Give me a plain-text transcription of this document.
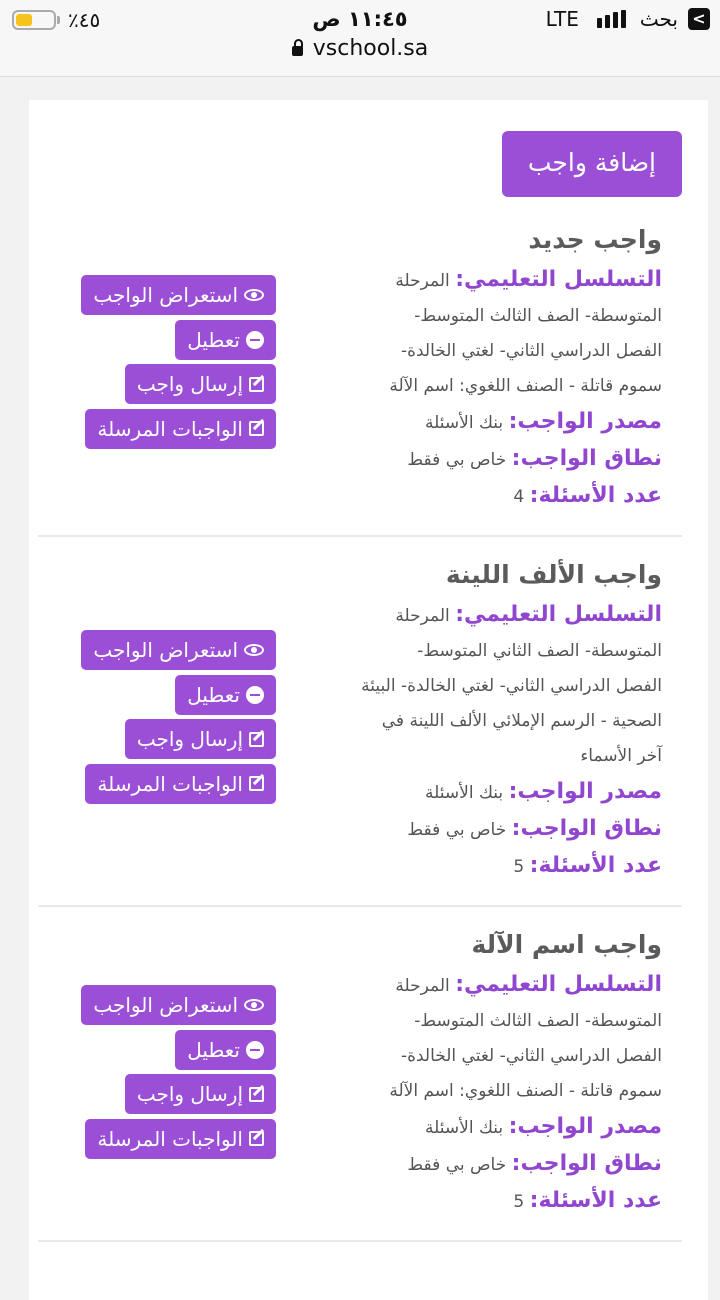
٪٤٥	١١:٤٥ ص	LTE	بحث <
vschool.sa
إضافة واجب
واجب جديد
التسلسل التعليمي: المرحلة
المتوسطة- الصف الثالث المتوسط-
الفصل الدراسي الثاني- لغتي الخالدة-
سموم قاتلة - الصنف اللغوي: اسم الآلة
مصدر الواجب: بنك الأسئلة
نطاق الواجب: خاص بي فقط
عدد الأسئلة: 4
استعراض الواجب
تعطيل
إرسال واجب
الواجبات المرسلة
واجب الألف اللينة
التسلسل التعليمي: المرحلة
المتوسطة- الصف الثاني المتوسط-
الفصل الدراسي الثاني- لغتي الخالدة- البيئة
الصحية - الرسم الإملائي الألف اللينة في
آخر الأسماء
مصدر الواجب: بنك الأسئلة
نطاق الواجب: خاص بي فقط
عدد الأسئلة: 5
استعراض الواجب
تعطيل
إرسال واجب
الواجبات المرسلة
واجب اسم الآلة
التسلسل التعليمي: المرحلة
المتوسطة- الصف الثالث المتوسط-
الفصل الدراسي الثاني- لغتي الخالدة-
سموم قاتلة - الصنف اللغوي: اسم الآلة
مصدر الواجب: بنك الأسئلة
نطاق الواجب: خاص بي فقط
عدد الأسئلة: 5
استعراض الواجب
تعطيل
إرسال واجب
الواجبات المرسلة
